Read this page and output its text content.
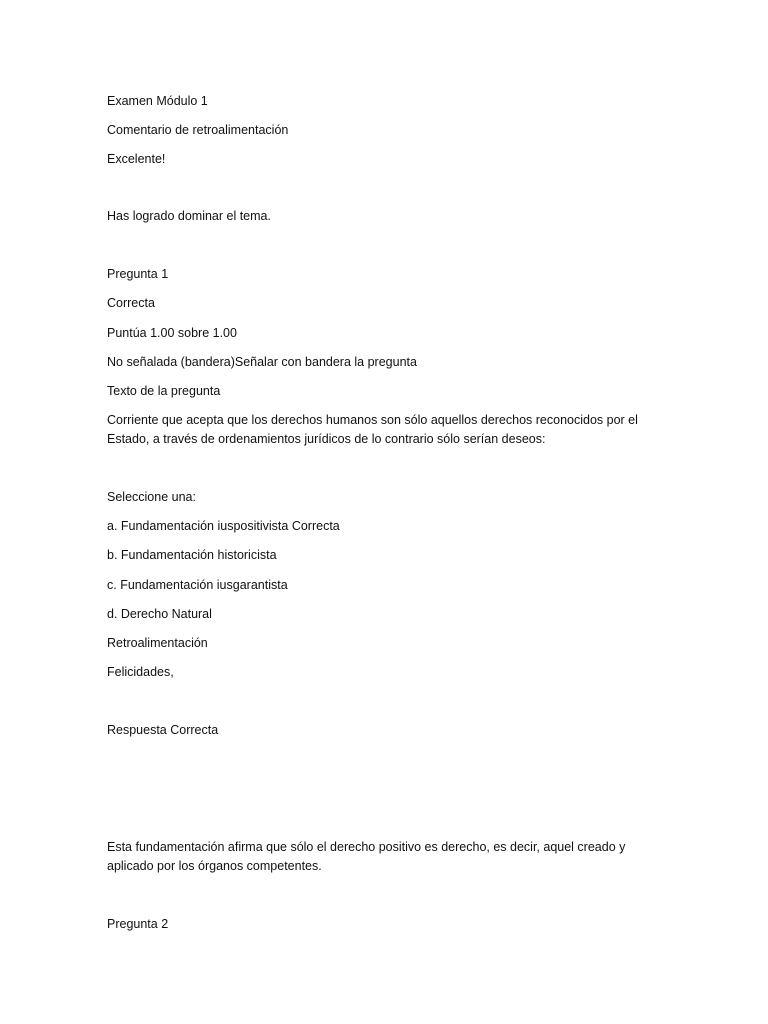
Examen Módulo 1
Comentario de retroalimentación
Excelente!
Has logrado dominar el tema.
Pregunta 1
Correcta
Puntúa 1.00 sobre 1.00
No señalada (bandera)Señalar con bandera la pregunta
Texto de la pregunta
Corriente que acepta que los derechos humanos son sólo aquellos derechos reconocidos por el Estado, a través de ordenamientos jurídicos de lo contrario sólo serían deseos:
Seleccione una:
a. Fundamentación iuspositivista Correcta
b. Fundamentación historicista
c. Fundamentación iusgarantista
d. Derecho Natural
Retroalimentación
Felicidades,
Respuesta Correcta
Esta fundamentación afirma que sólo el derecho positivo es derecho, es decir, aquel creado y aplicado por los órganos competentes.
Pregunta 2
